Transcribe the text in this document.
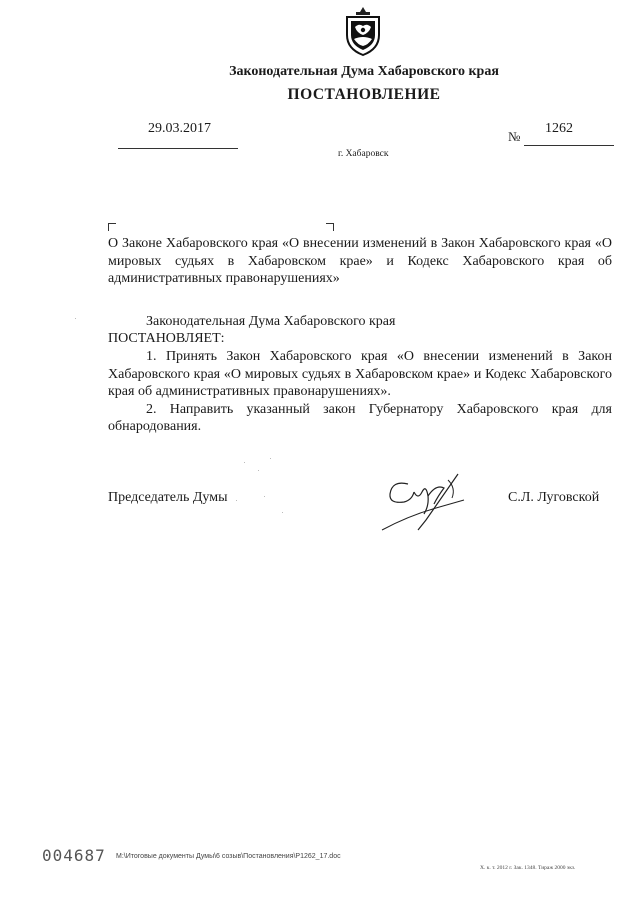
Законодательная Дума Хабаровского края
ПОСТАНОВЛЕНИЕ
29.03.2017
№
1262
г. Хабаровск
О Законе Хабаровского края «О внесении изменений в Закон Хабаровского края «О мировых судьях в Хабаровском крае» и Кодекс Хабаровского края об административных правонарушениях»
Законодательная Дума Хабаровского края
ПОСТАНОВЛЯЕТ:

1. Принять Закон Хабаровского края «О внесении изменений в Закон Хабаровского края «О мировых судьях в Хабаровском крае» и Кодекс Хабаровского края об административных правонарушениях».

2. Направить указанный закон Губернатору Хабаровского края для обнародования.

Председатель Думы	С.Л. Луговской
004687 М:\Итоговые документы Думы\6 созыв\Постановления\Р1262_17.doc
Х. к. т. 2012 г. Зак. 1348. Тираж 2000 экз.
